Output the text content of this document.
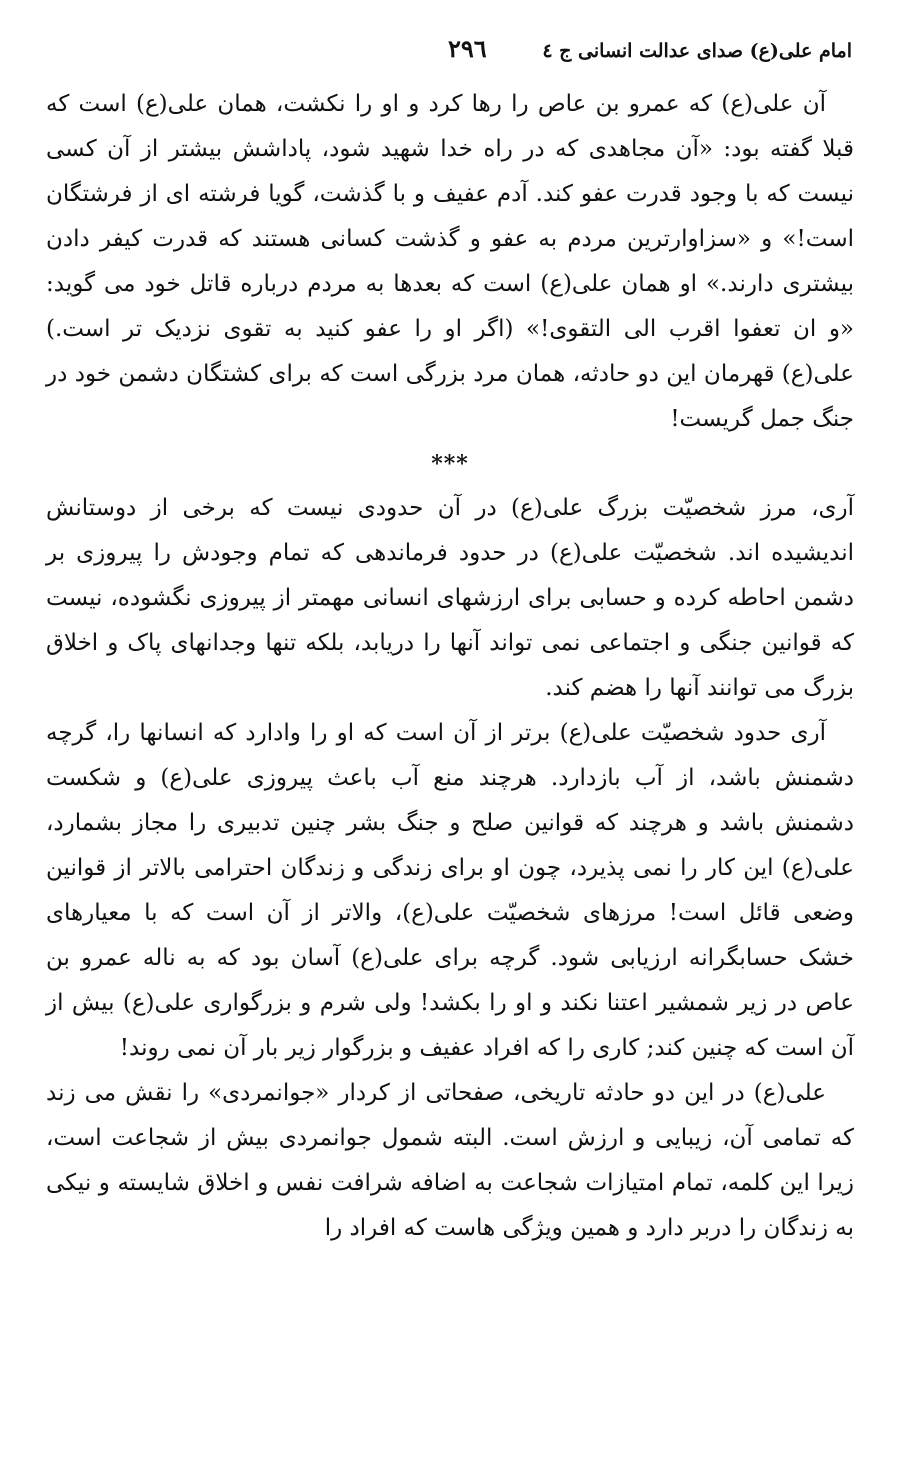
امام علی(ع) صدای عدالت انسانی ج ٤
٢٩٦

آن علی(ع) که عمرو بن عاص را رها کرد و او را نکشت، همان علی(ع) است که قبلا گفته بود: «آن مجاهدی که در راه خدا شهید شود، پاداشش بیشتر از آن کسی نیست که با وجود قدرت عفو کند. آدم عفیف و با گذشت، گویا فرشته ای از فرشتگان است!» و «سزاوارترین مردم به عفو و گذشت کسانی هستند که قدرت کیفر دادن بیشتری دارند.» او همان علی(ع) است که بعدها به مردم درباره قاتل خود می گوید: «و ان تعفوا اقرب الی التقوی!» (اگر او را عفو کنید به تقوی نزدیک تر است.) علی(ع) قهرمان این دو حادثه، همان مرد بزرگی است که برای کشتگان دشمن خود در جنگ جمل گریست!

***

آری، مرز شخصیّت بزرگ علی(ع) در آن حدودی نیست که برخی از دوستانش اندیشیده اند. شخصیّت علی(ع) در حدود فرماندهی که تمام وجودش را پیروزی بر دشمن احاطه کرده و حسابی برای ارزشهای انسانی مهمتر از پیروزی نگشوده، نیست که قوانین جنگی و اجتماعی نمی تواند آنها را دریابد، بلکه تنها وجدانهای پاک و اخلاق بزرگ می توانند آنها را هضم کند.

آری حدود شخصیّت علی(ع) برتر از آن است که او را وادارد که انسانها را، گرچه دشمنش باشد، از آب بازدارد. هرچند منع آب باعث پیروزی علی(ع) و شکست دشمنش باشد و هرچند که قوانین صلح و جنگ بشر چنین تدبیری را مجاز بشمارد، علی(ع) این کار را نمی پذیرد، چون او برای زندگی و زندگان احترامی بالاتر از قوانین وضعی قائل است! مرزهای شخصیّت علی(ع)، والاتر از آن است که با معیارهای خشک حسابگرانه ارزیابی شود. گرچه برای علی(ع) آسان بود که به ناله عمرو بن عاص در زیر شمشیر اعتنا نکند و او را بکشد! ولی شرم و بزرگواری علی(ع) بیش از آن است که چنین کند; کاری را که افراد عفیف و بزرگوار زیر بار آن نمی روند!

علی(ع) در این دو حادثه تاریخی، صفحاتی از کردار «جوانمردی» را نقش می زند که تمامی آن، زیبایی و ارزش است. البته شمول جوانمردی بیش از شجاعت است، زیرا این کلمه، تمام امتیازات شجاعت به اضافه شرافت نفس و اخلاق شایسته و نیکی به زندگان را دربر دارد و همین ویژگی هاست که افراد را
